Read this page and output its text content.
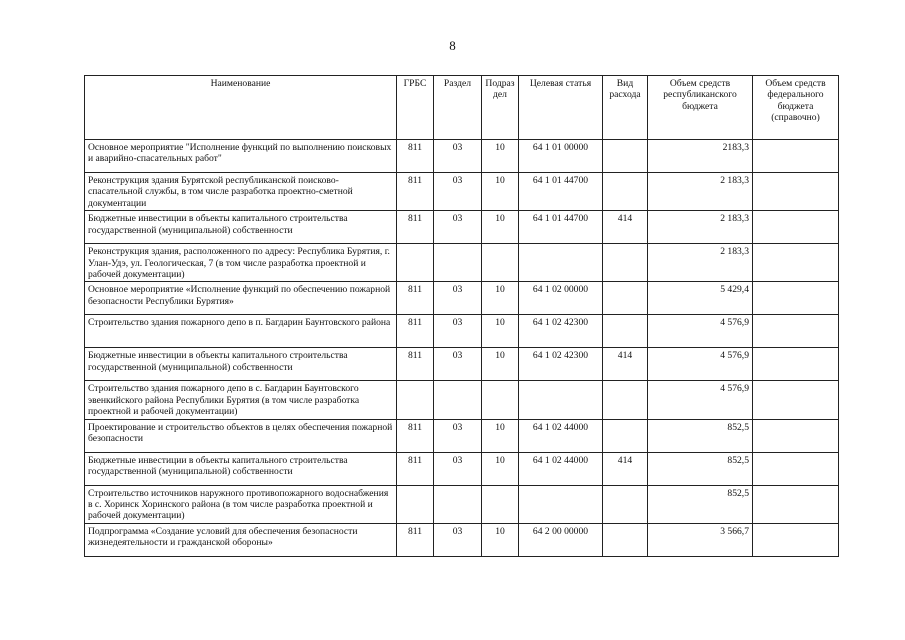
8
Наименование	ГРБС	Раздел	Подраз дел	Целевая статья	Вид расхода	Объем средств республиканского бюджета	Объем средств федерального бюджета (справочно)
Основное мероприятие "Исполнение функций по выполнению поисковых и аварийно-спасательных работ"	811	03	10	64 1 01 00000		2183,3	
Реконструкция здания Бурятской республиканской поисково-спасательной службы, в том числе разработка проектно-сметной документации	811	03	10	64 1 01 44700		2 183,3	
Бюджетные инвестиции в объекты капитального строительства государственной (муниципальной) собственности	811	03	10	64 1 01 44700	414	2 183,3	
Реконструкция здания, расположенного по адресу: Республика Бурятия, г. Улан-Удэ, ул. Геологическая, 7 (в том числе разработка проектной и рабочей документации)						2 183,3	
Основное мероприятие «Исполнение функций по обеспечению пожарной безопасности Республики Бурятия»	811	03	10	64 1 02 00000		5 429,4	
Строительство здания пожарного депо в п. Багдарин Баунтовского района	811	03	10	64 1 02 42300		4 576,9	
Бюджетные инвестиции в объекты капитального строительства государственной (муниципальной) собственности	811	03	10	64 1 02 42300	414	4 576,9	
Строительство здания пожарного депо в с. Багдарин Баунтовского эвенкийского района Республики Бурятия (в том числе разработка проектной и рабочей документации)						4 576,9	
Проектирование и строительство объектов в целях обеспечения пожарной безопасности	811	03	10	64 1 02 44000		852,5	
Бюджетные инвестиции в объекты капитального строительства государственной (муниципальной) собственности	811	03	10	64 1 02 44000	414	852,5	
Строительство источников наружного противопожарного водоснабжения в с. Хоринск Хоринского района (в том числе разработка проектной и рабочей документации)						852,5	
Подпрограмма «Создание условий для обеспечения безопасности жизнедеятельности и гражданской обороны»	811	03	10	64 2 00 00000		3 566,7	
